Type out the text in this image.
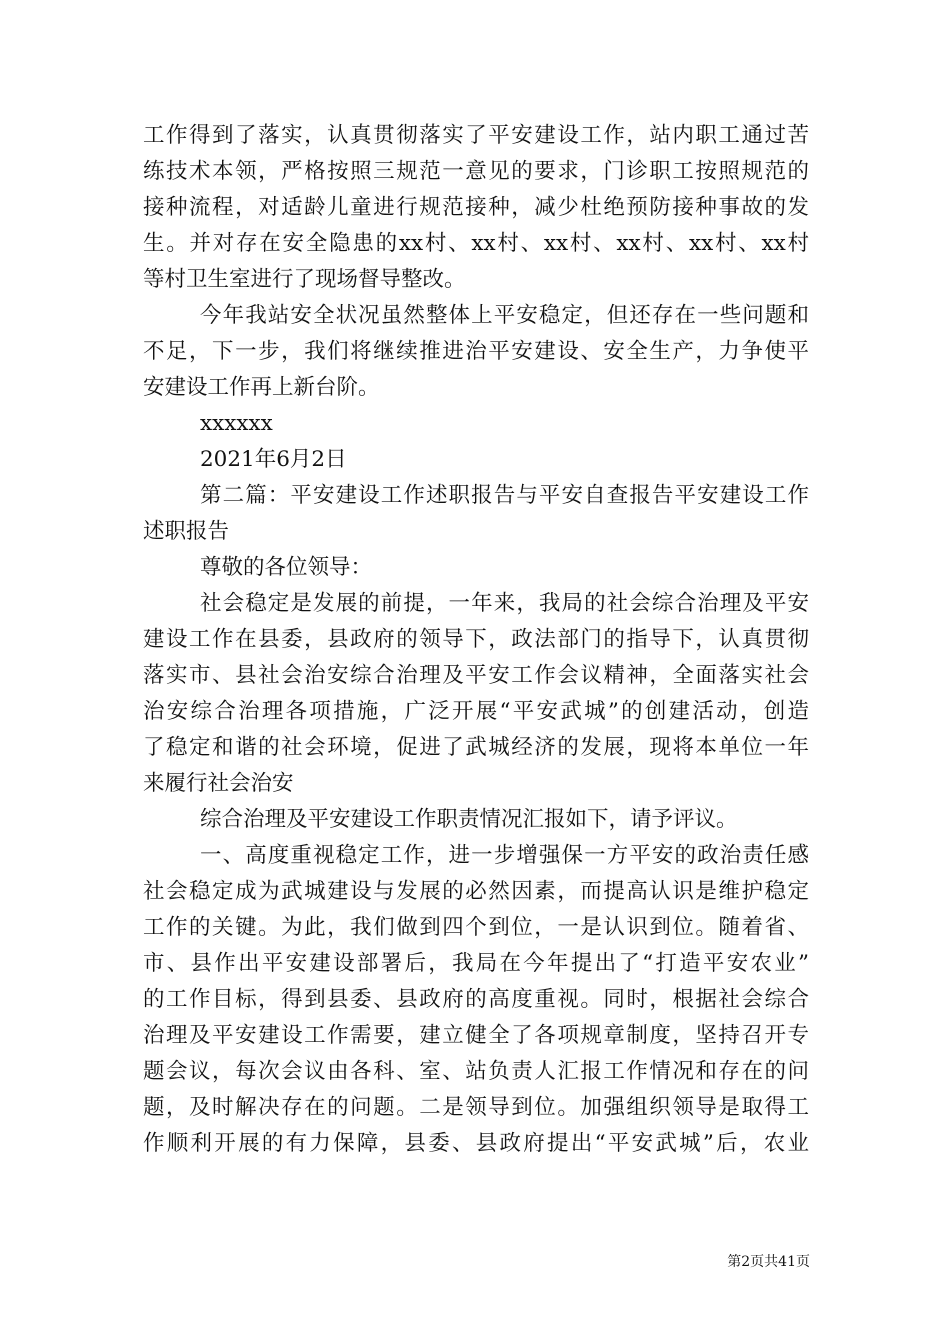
工作得到了落实，认真贯彻落实了平安建设工作，站内职工通过苦
练技术本领，严格按照三规范一意见的要求，门诊职工按照规范的
接种流程，对适龄儿童进行规范接种，减少杜绝预防接种事故的发
生。并对存在安全隐患的xx村、xx村、xx村、xx村、xx村、xx村
等村卫生室进行了现场督导整改。
今年我站安全状况虽然整体上平安稳定，但还存在一些问题和
不足，下一步，我们将继续推进治平安建设、安全生产，力争使平
安建设工作再上新台阶。
xxxxxx
2021年6月2日
第二篇：平安建设工作述职报告与平安自查报告平安建设工作
述职报告
尊敬的各位领导：
社会稳定是发展的前提，一年来，我局的社会综合治理及平安
建设工作在县委，县政府的领导下，政法部门的指导下，认真贯彻
落实市、县社会治安综合治理及平安工作会议精神，全面落实社会
治安综合治理各项措施，广泛开展“平安武城”的创建活动，创造
了稳定和谐的社会环境，促进了武城经济的发展，现将本单位一年
来履行社会治安
综合治理及平安建设工作职责情况汇报如下，请予评议。
一、高度重视稳定工作，进一步增强保一方平安的政治责任感
社会稳定成为武城建设与发展的必然因素，而提高认识是维护稳定
工作的关键。为此，我们做到四个到位，一是认识到位。随着省、
市、县作出平安建设部署后，我局在今年提出了“打造平安农业”
的工作目标，得到县委、县政府的高度重视。同时，根据社会综合
治理及平安建设工作需要，建立健全了各项规章制度，坚持召开专
题会议，每次会议由各科、室、站负责人汇报工作情况和存在的问
题，及时解决存在的问题。二是领导到位。加强组织领导是取得工
作顺利开展的有力保障，县委、县政府提出“平安武城”后，农业
第2页共41页
